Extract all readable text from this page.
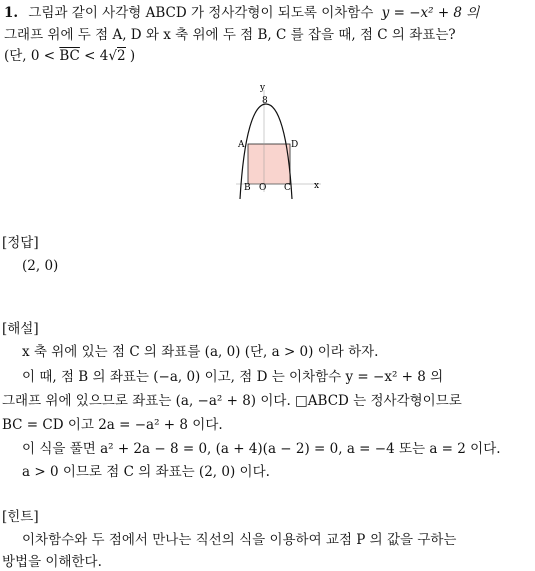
1. 그림과 같이 사각형 ABCD 가 정사각형이 되도록 이차함수 y = −x² + 8 의
그래프 위에 두 점 A, D 와 x 축 위에 두 점 B, C 를 잡을 때, 점 C 의 좌표는?
(단, $0 < \overline{BC} < 4√2$ )
y
8
A	D
B O C	x
[정답]
(2, 0)
[해설]
x 축 위에 있는 점 C 의 좌표를 (a, 0) (단, a > 0) 이라 하자.
이 때, 점 B 의 좌표는 (−a, 0) 이고, 점 D 는 이차함수 y = −x² + 8 의
그래프 위에 있으므로 좌표는 (a, −a² + 8) 이다. □ABCD 는 정사각형이므로
BC = CD 이고 2a = −a² + 8 이다.
이 식을 풀면 a² + 2a − 8 = 0, (a + 4)(a − 2) = 0, a = −4 또는 a = 2 이다.
a > 0 이므로 점 C 의 좌표는 (2, 0) 이다.
[힌트]
이차함수와 두 점에서 만나는 직선의 식을 이용하여 교점 P 의 값을 구하는
방법을 이해한다.
